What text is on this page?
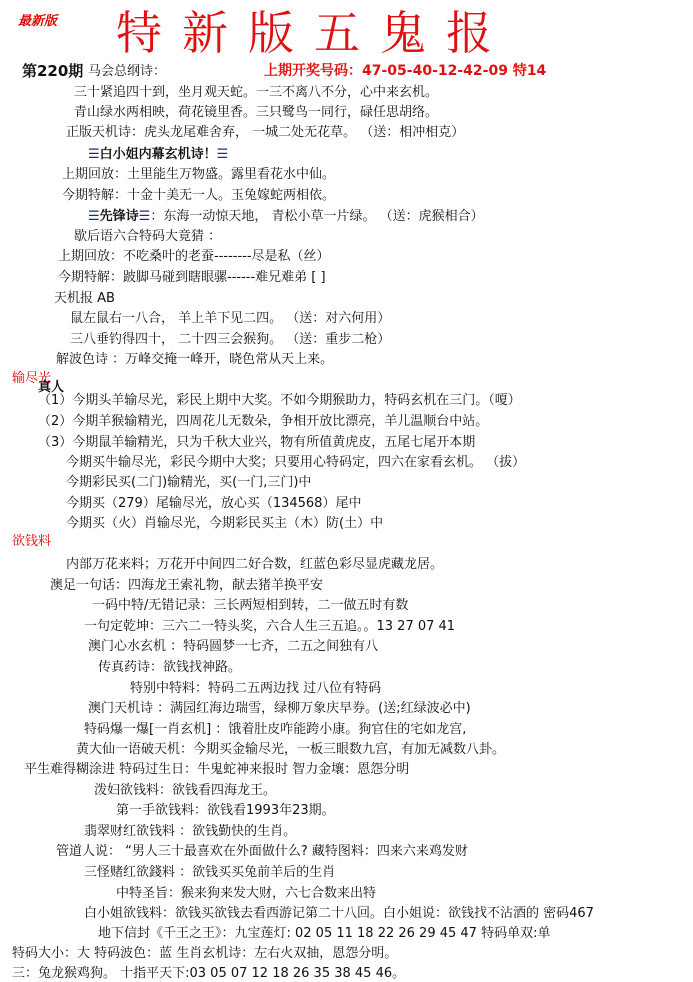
最新版 特新版五鬼报
第220期	上期开奖号码：47-05-40-12-42-09 特14
马会总纲诗：
三十紧追四十到，坐月观天蛇。一三不离八不分，心中来玄机。
青山绿水两相映，荷花镜里香。三只鹭鸟一同行，碌任思胡络。
正版天机诗：虎头龙尾难舍弃， 一城二处无花草。 （送：相冲相克）
☰白小姐内幕玄机诗！☰
上期回放：土里能生万物盛。露里看花水中仙。
今期特解：十金十美无一人。玉兔嫁蛇两相依。
☰先锋诗☰：东海一动惊天地， 青松小草一片绿。 （送：虎猴相合）
歇后语六合特码大竟猜 ：
上期回放：不吃桑叶的老蚕--------尽是私（丝）
今期特解：跛脚马碰到瞎眼骡------难兄难弟 [ ]
天机报 AB
鼠左鼠右一八合， 羊上羊下见二四。 （送：对六何用）
三八垂钓得四十， 二十四三会猴狗。 （送：重步二枪）
解波色诗 ：万峰交掩一峰开，晓色常从天上来。
输尽光
真人
（1）今期头羊输尽光，彩民上期中大奖。不如今期猴助力，特码玄机在三门。（嗄）
（2）今期羊猴输精光，四周花儿无数朵，争相开放比漂亮，羊儿温顺台中站。
（3）今期鼠羊输精光，只为千秋大业兴，物有所值黄虎皮，五尾七尾开本期
今期买牛输尽光，彩民今期中大奖；只要用心特码定，四六在家看玄机。 （拔）
今期彩民买(二门)输精光，买(一门,三门)中
今期买（279）尾输尽光，放心买（134568）尾中
今期买（火）肖输尽光，今期彩民买主（木）防(土）中
欲钱料
内部万花来料；万花开中间四二好合数，红蓝色彩尽显虎藏龙居。
澳足一句话：四海龙王索礼物，献去猪羊换平安
一码中特/无错记录：三长两短相到转，二一做五时有数
一句定乾坤：三六二一特头奖，六合人生三五追。。13 27 07 41
澳门心水玄机 ：特码圆梦一七齐，二五之间独有八
传真药诗：欲钱找神路。
特别中特料：特码二五两边找 过八位有特码
澳门天机诗 ：满园红海边瑞雪，绿柳万象庆早券。(送;红绿波必中)
特码爆一爆[一肖玄机] ：饿着肚皮咋能跨小康。狗官住的宅如龙宫,
黄大仙一语破天机：今期买金输尽光，一板三眼数九宫，有加无减数八卦。
平生难得糊涂进 特码过生日：牛鬼蛇神来报时 智力金壤：恩怨分明
泼妇欲钱料：欲钱看四海龙王。
第一手欲钱料：欲钱看1993年23期。
翡翠财红欲钱料 ：欲钱勤快的生肖。
管道人说： “男人三十最喜欢在外面做什么? 藏特图料：四来六来鸡发财
三怪赌红欲錢料 ：欲钱买买兔前羊后的生肖
中特圣旨：猴来狗来发大财，六七合数来出特
白小姐欲钱料：欲钱买欲钱去看西游记第二十八回。白小姐说：欲钱找不沾酒的 密码467
地下信封《千王之王》：九宝莲灯: 02 05 11 18 22 26 29 45 47 特码单双:单
特码大小：大 特码波色：蓝 生肖玄机诗：左右火双抽，恩怨分明。
三：兔龙猴鸡狗。 十指平天下:03 05 07 12 18 26 35 38 45 46。
